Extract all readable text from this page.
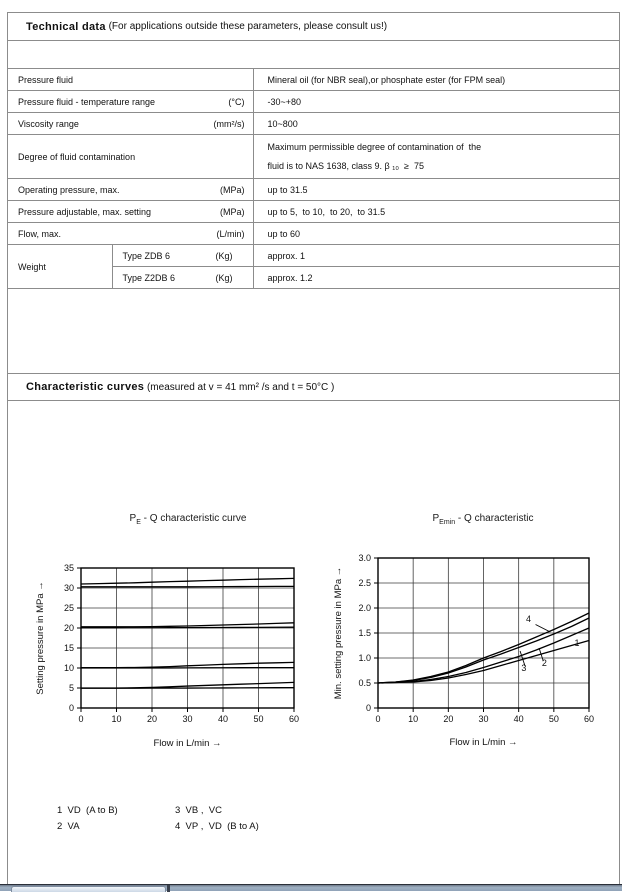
Technical data (For applications outside these parameters, please consult us!)
Pressure fluid		Mineral oil (for NBR seal),or phosphate ester (for FPM seal)

Pressure fluid - temperature range (°C)		-30~+80

Viscosity range (mm²/s)		10~800

Degree of fluid contamination		Maximum permissible degree of contamination of  the
fluid is to NAS 1638, class 9. β ₁₀  ≥  75

Operating pressure, max. (MPa)		up to 31.5

Pressure adjustable, max. setting (MPa)		up to 5,  to 10,  to 20,  to 31.5

Flow, max. (L/min)		up to 60

Weight	Type ZDB 6 (Kg)	approx. 1

	Type Z2DB 6 (Kg)	approx. 1.2
Characteristic curves (measured at v = 41 mm² /s and t = 50°C )
$P_E$ - Q characteristic curve	$P_{Emin}$ - Q characteristic
0	10	20	30	40	50	60
0
5
10
15
20
25
30
35
Flow in L/min →
Setting pressure in MPa →
0	10	20	30	40	50	60
0
0.5
1.0
1.5
2.0
2.5
3.0
4
3 2
1
Flow in L/min →
Min. setting pressure in MPa →
1  VD  (A to B)	3  VB ,  VC
2  VA	4  VP ,  VD  (B to A)
